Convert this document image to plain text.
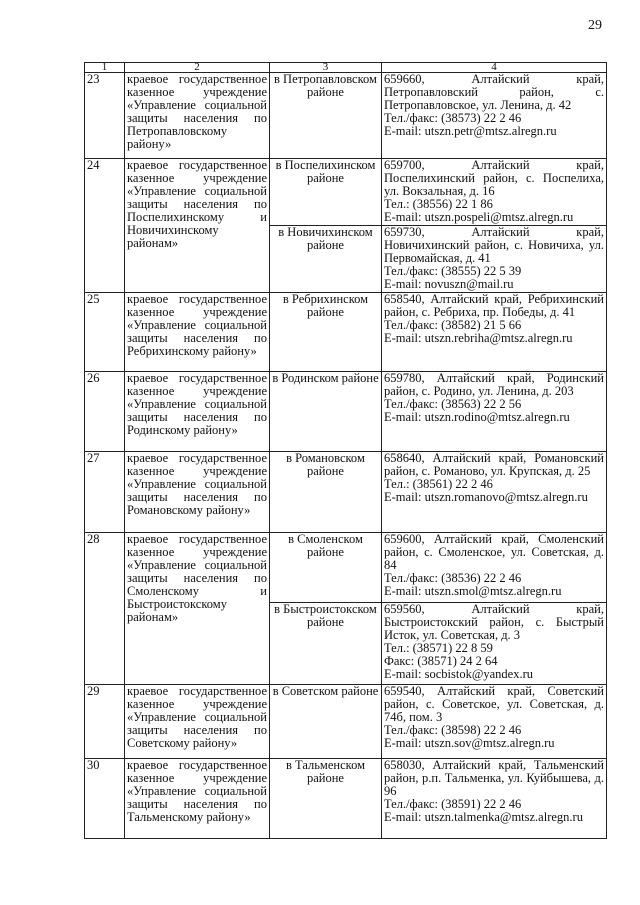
29
1	2	3	4
23	краевое государственное казенное учреждение «Управление социальной защиты населения по Петропавловскому району»	в Петропавловском районе	659660, Алтайский край, Петропавловский район, с. Петропавловское, ул. Ленина, д. 42
Тел./факс: (38573) 22 2 46
E-mail: utszn.petr@mtsz.alregn.ru
24	краевое государственное казенное учреждение «Управление социальной защиты населения по Поспелихинскому и Новичихинскому районам»	в Поспелихинском районе	659700, Алтайский край, Поспелихинский район, с. Поспелиха, ул. Вокзальная, д. 16
Тел.: (38556) 22 1 86
E-mail: utszn.pospeli@mtsz.alregn.ru
		в Новичихинском районе	659730, Алтайский край, Новичихинский район, с. Новичиха, ул. Первомайская, д. 41
Тел./факс: (38555) 22 5 39
E-mail: novuszn@mail.ru
25	краевое государственное казенное учреждение «Управление социальной защиты населения по Ребрихинскому району»	в Ребрихинском районе	658540, Алтайский край, Ребрихинский район, с. Ребриха, пр. Победы, д. 41
Тел./факс: (38582) 21 5 66
E-mail: utszn.rebriha@mtsz.alregn.ru
26	краевое государственное казенное учреждение «Управление социальной защиты населения по Родинскому району»	в Родинском районе	659780, Алтайский край, Родинский район, с. Родино, ул. Ленина, д. 203
Тел./факс: (38563) 22 2 56
E-mail: utszn.rodino@mtsz.alregn.ru
27	краевое государственное казенное учреждение «Управление социальной защиты населения по Романовскому району»	в Романовском районе	658640, Алтайский край, Романовский район, с. Романово, ул. Крупская, д. 25
Тел.: (38561) 22 2 46
E-mail: utszn.romanovo@mtsz.alregn.ru
28	краевое государственное казенное учреждение «Управление социальной защиты населения по Смоленскому и Быстроистокскому районам»	в Смоленском районе	659600, Алтайский край, Смоленский район, с. Смоленское, ул. Советская, д. 84
Тел./факс: (38536) 22 2 46
E-mail: utszn.smol@mtsz.alregn.ru
		в Быстроистокском районе	659560, Алтайский край, Быстроистокский район, с. Быстрый Исток, ул. Советская, д. 3
Тел.: (38571) 22 8 59
Факс: (38571) 24 2 64
E-mail: socbistok@yandex.ru
29	краевое государственное казенное учреждение «Управление социальной защиты населения по Советскому району»	в Советском районе	659540, Алтайский край, Советский район, с. Советское, ул. Советская, д. 74б, пом. 3
Тел./факс: (38598) 22 2 46
E-mail: utszn.sov@mtsz.alregn.ru
30	краевое государственное казенное учреждение «Управление социальной защиты населения по Тальменскому району»	в Тальменском районе	658030, Алтайский край, Тальменский район, р.п. Тальменка, ул. Куйбышева, д. 96
Тел./факс: (38591) 22 2 46
E-mail: utszn.talmenka@mtsz.alregn.ru
